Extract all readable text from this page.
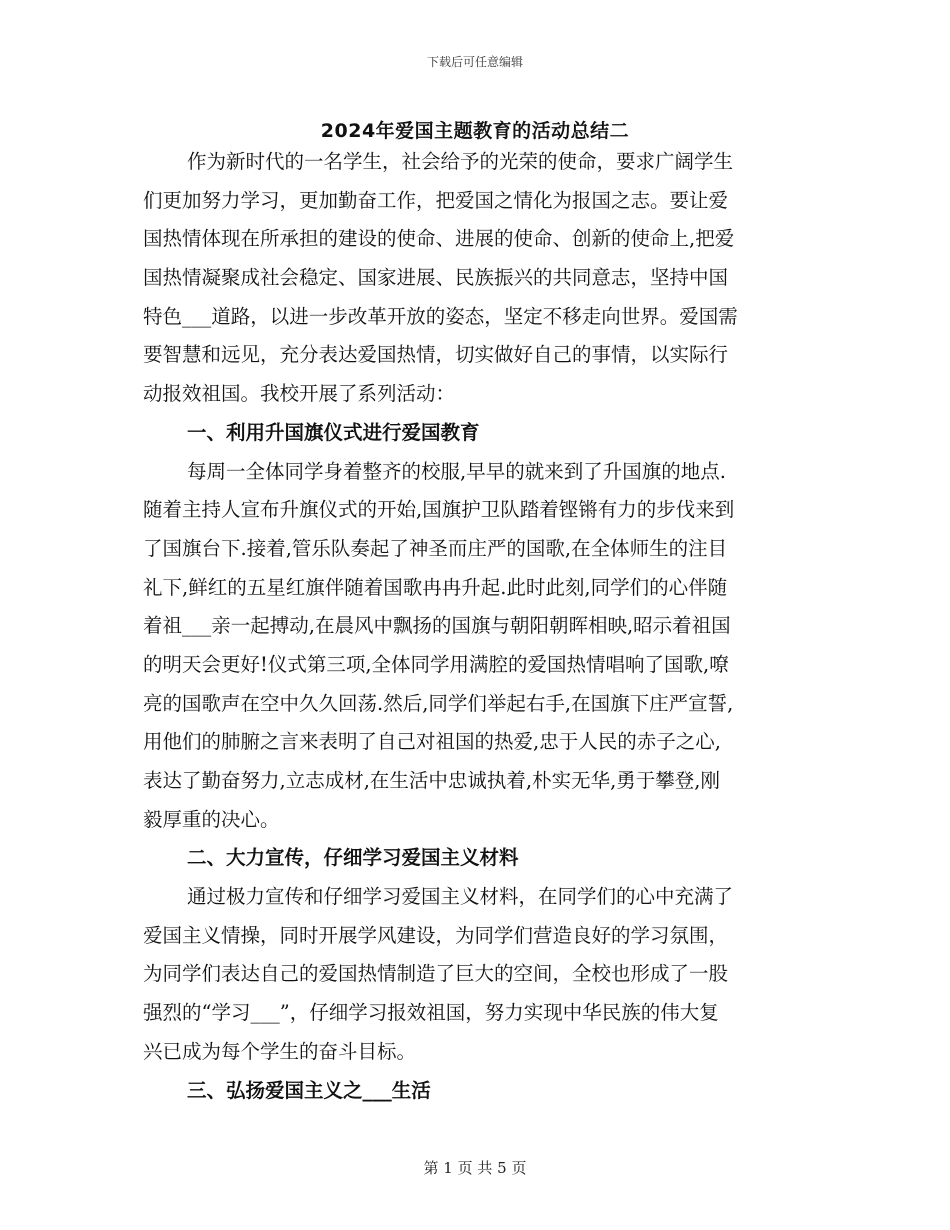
下载后可任意编辑
2024年爱国主题教育的活动总结二
作为新时代的一名学生，社会给予的光荣的使命，要求广阔学生
们更加努力学习，更加勤奋工作，把爱国之情化为报国之志。要让爱
国热情体现在所承担的建设的使命、进展的使命、创新的使命上,把爱
国热情凝聚成社会稳定、国家进展、民族振兴的共同意志，坚持中国
特色___道路，以进一步改革开放的姿态，坚定不移走向世界。爱国需
要智慧和远见，充分表达爱国热情，切实做好自己的事情，以实际行
动报效祖国。我校开展了系列活动：
一、利用升国旗仪式进行爱国教育
每周一全体同学身着整齐的校服,早早的就来到了升国旗的地点.
随着主持人宣布升旗仪式的开始,国旗护卫队踏着铿锵有力的步伐来到
了国旗台下.接着,管乐队奏起了神圣而庄严的国歌,在全体师生的注目
礼下,鲜红的五星红旗伴随着国歌冉冉升起.此时此刻,同学们的心伴随
着祖___亲一起搏动,在晨风中飘扬的国旗与朝阳朝晖相映,昭示着祖国
的明天会更好!仪式第三项,全体同学用满腔的爱国热情唱响了国歌,嘹
亮的国歌声在空中久久回荡.然后,同学们举起右手,在国旗下庄严宣誓,
用他们的肺腑之言来表明了自己对祖国的热爱,忠于人民的赤子之心,
表达了勤奋努力,立志成材,在生活中忠诚执着,朴实无华,勇于攀登,刚
毅厚重的决心。
二、大力宣传，仔细学习爱国主义材料
通过极力宣传和仔细学习爱国主义材料，在同学们的心中充满了
爱国主义情操，同时开展学风建设，为同学们营造良好的学习氛围，
为同学们表达自己的爱国热情制造了巨大的空间，全校也形成了一股
强烈的“学习___”，仔细学习报效祖国，努力实现中华民族的伟大复
兴已成为每个学生的奋斗目标。
三、弘扬爱国主义之___生活
第 1 页 共 5 页
